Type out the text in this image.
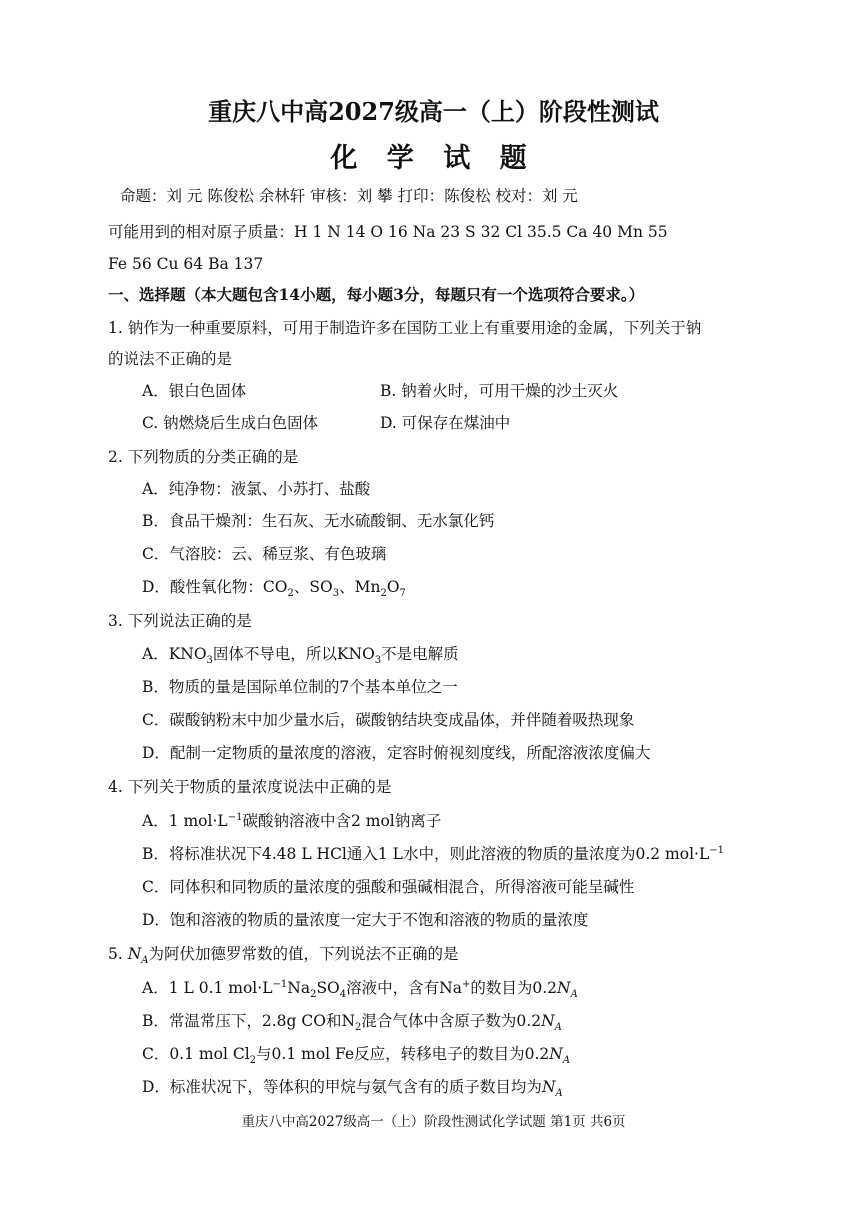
重庆八中高2027级高一（上）阶段性测试
化 学 试 题
命题：刘 元 陈俊松 余林轩 审核：刘 攀 打印：陈俊松 校对：刘 元
可能用到的相对原子质量：H 1 N 14 O 16 Na 23 S 32 Cl 35.5 Ca 40 Mn 55
Fe 56 Cu 64 Ba 137
一、选择题（本大题包含14小题，每小题3分，每题只有一个选项符合要求。）
1. 钠作为一种重要原料，可用于制造许多在国防工业上有重要用途的金属，下列关于钠
的说法不正确的是
A．银白色固体	B. 钠着火时，可用干燥的沙土灭火
C. 钠燃烧后生成白色固体	D. 可保存在煤油中
2. 下列物质的分类正确的是
A．纯净物：液氯、小苏打、盐酸
B．食品干燥剂：生石灰、无水硫酸铜、无水氯化钙
C．气溶胶：云、稀豆浆、有色玻璃
D．酸性氧化物：$CO_2$、$SO_3$、$Mn_2O_7$
3. 下列说法正确的是
A．$KNO_3$固体不导电，所以$KNO_3$不是电解质
B．物质的量是国际单位制的7个基本单位之一
C．碳酸钠粉末中加少量水后，碳酸钠结块变成晶体，并伴随着吸热现象
D．配制一定物质的量浓度的溶液，定容时俯视刻度线，所配溶液浓度偏大
4. 下列关于物质的量浓度说法中正确的是
A．1 $mol\cdot L^{-1}$碳酸钠溶液中含2 mol钠离子
B．将标准状况下4.48 L HCl通入1 L水中，则此溶液的物质的量浓度为0.2 $mol\cdot L^{-1}$
C．同体积和同物质的量浓度的强酸和强碱相混合，所得溶液可能呈碱性
D．饱和溶液的物质的量浓度一定大于不饱和溶液的物质的量浓度
5. $N_A$为阿伏加德罗常数的值，下列说法不正确的是
A．1 L 0.1 $mol\cdot L^{-1}Na_2SO_4$溶液中，含有Na+的数目为$0.2N_A$
B．常温常压下，2.8g CO和$N_2$混合气体中含原子数为$0.2N_A$
C．0.1 mol $Cl_2$与0.1 mol Fe反应，转移电子的数目为$0.2N_A$
D．标准状况下，等体积的甲烷与氨气含有的质子数目均为$N_A$
重庆八中高2027级高一（上）阶段性测试化学试题 第1页 共6页
